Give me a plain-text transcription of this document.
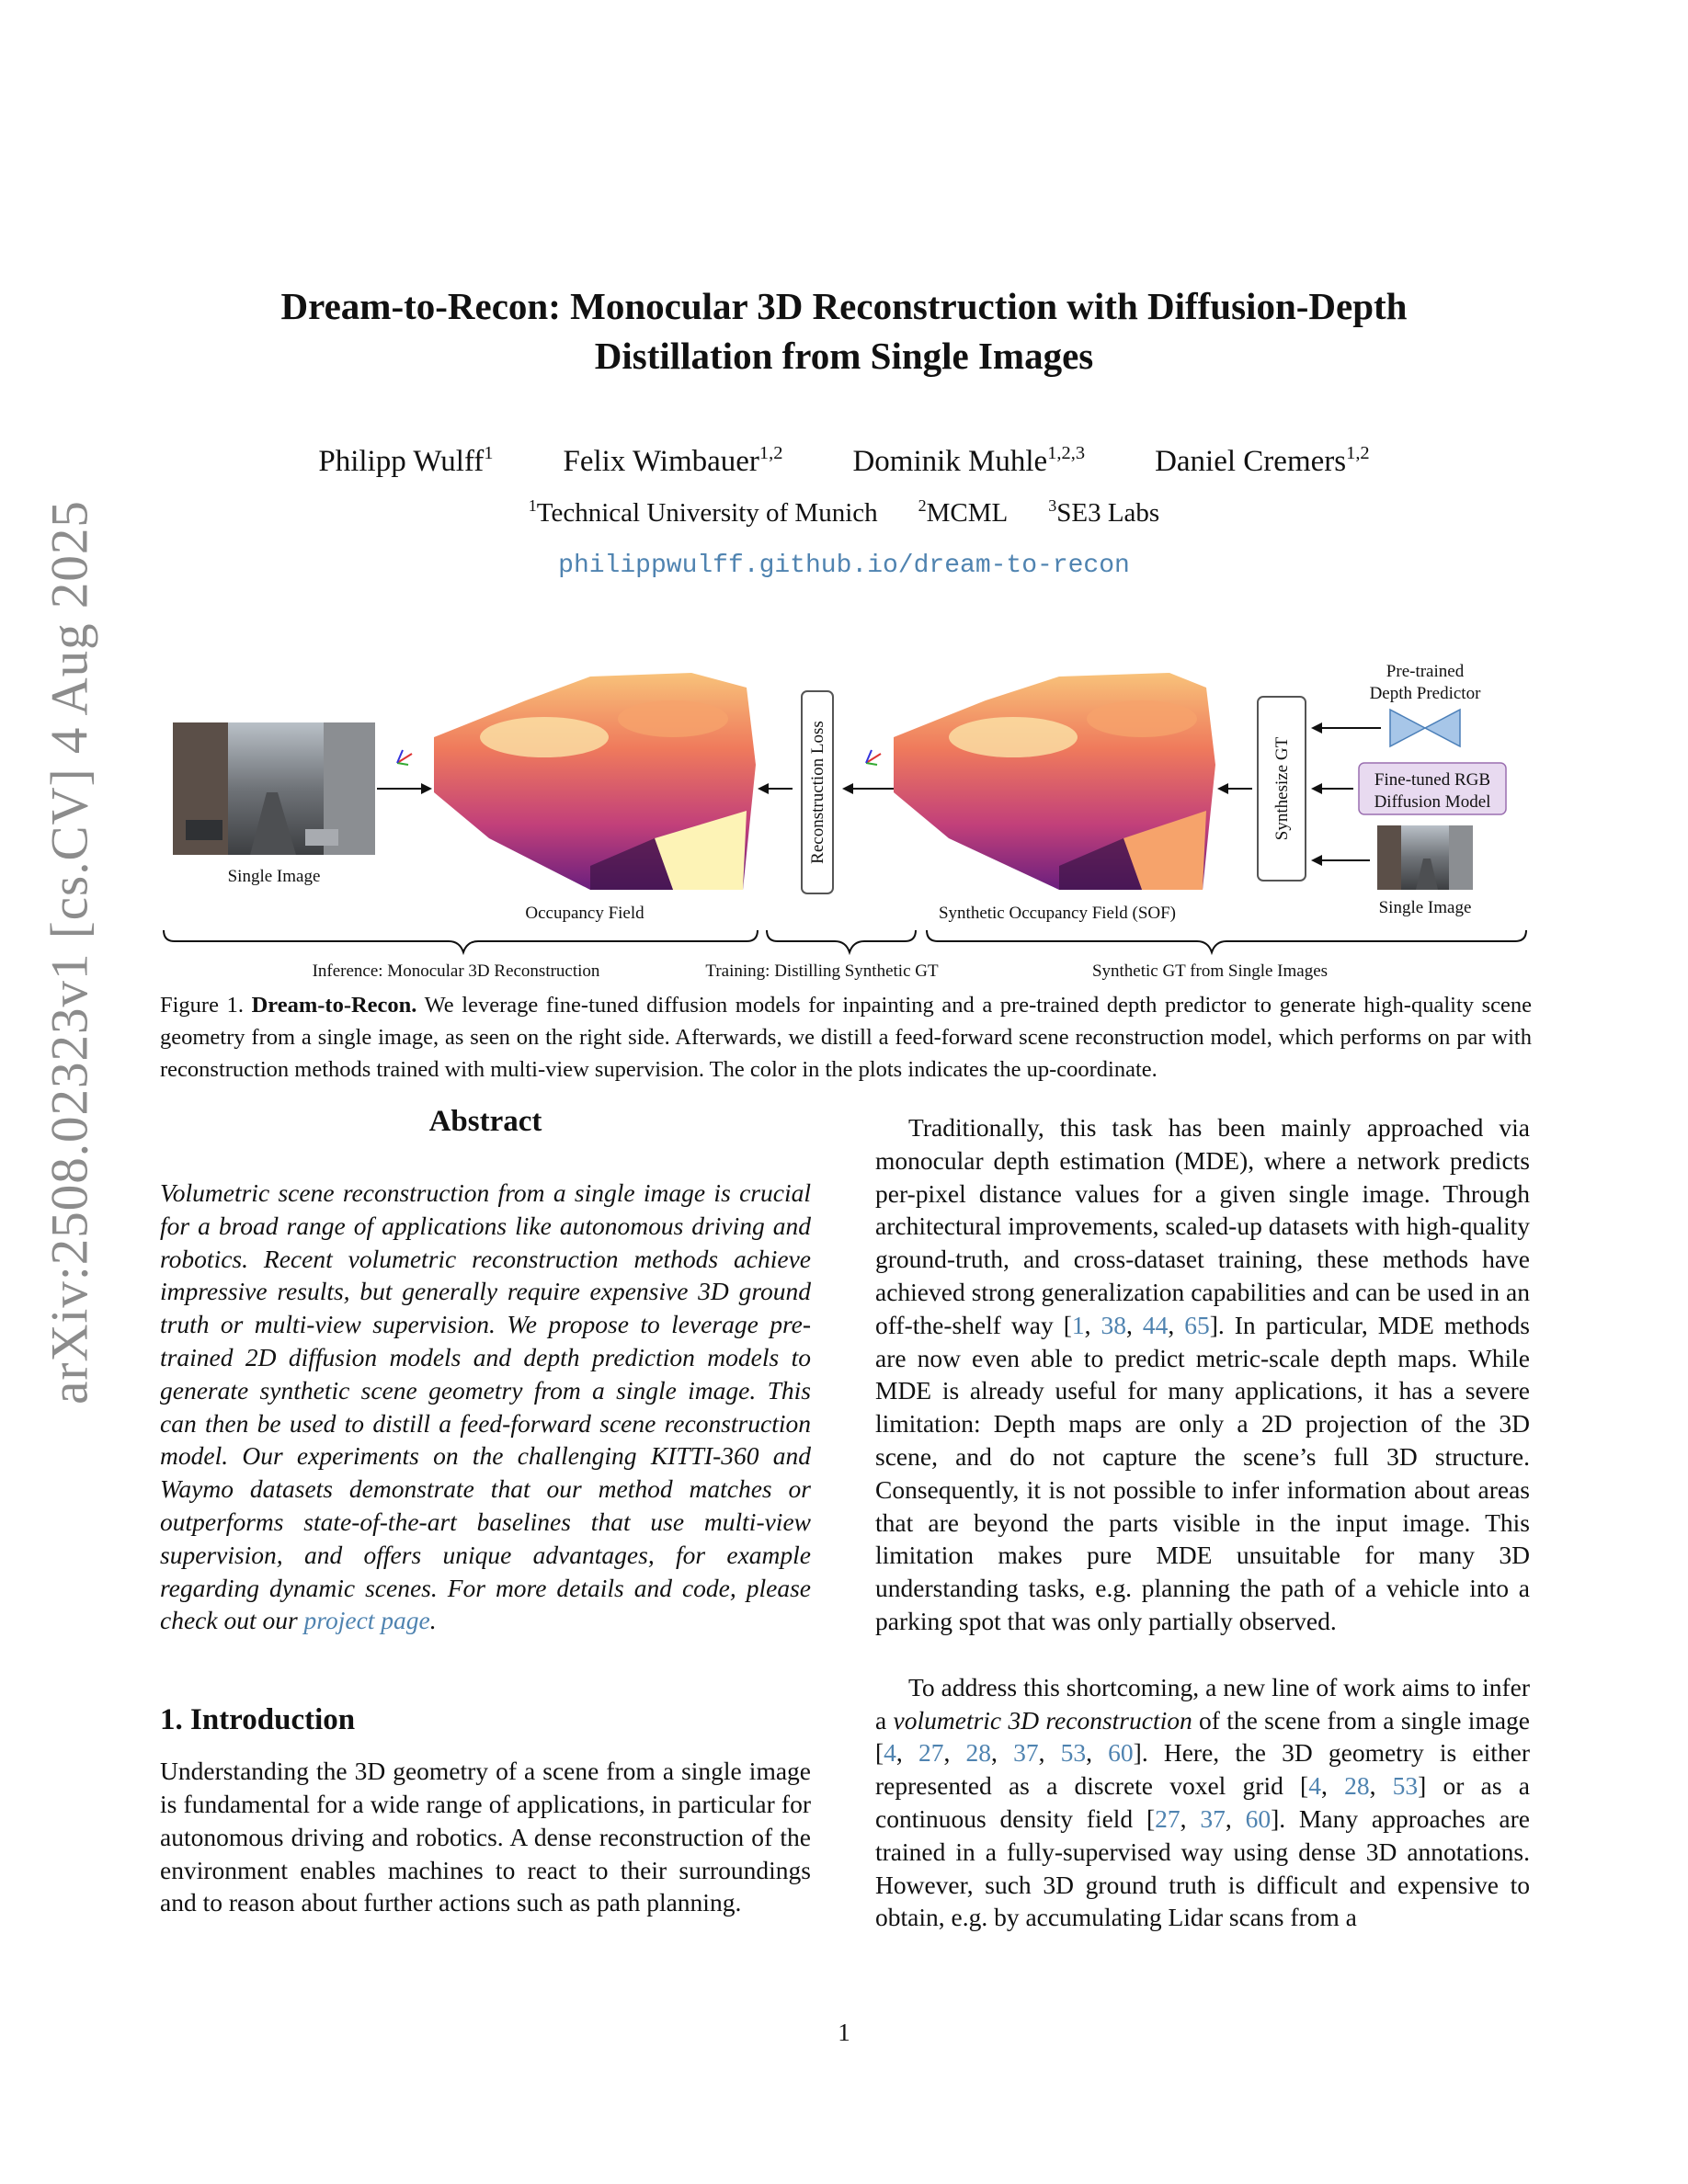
arXiv:2508.02323v1 [cs.CV] 4 Aug 2025
Dream-to-Recon: Monocular 3D Reconstruction with Diffusion-Depth
Distillation from Single Images
Philipp Wulff$^1$ Felix Wimbauer$^{1,2}$ Dominik Muhle$^{1,2,3}$ Daniel Cremers$^{1,2}$
$^1$Technical University of Munich $^2$MCML $^3$SE3 Labs
philippwulff.github.io/dream-to-recon
Single Image
Occupancy Field
Reconstruction Loss
Synthetic Occupancy Field (SOF)
Synthesize GT
Pre-trained
Depth Predictor
Fine-tuned RGB
Diffusion Model
Single Image
Inference: Monocular 3D Reconstruction	Training: Distilling Synthetic GT	Synthetic GT from Single Images
Figure 1. Dream-to-Recon. We leverage fine-tuned diffusion models for inpainting and a pre-trained depth predictor to generate high-quality scene geometry from a single image, as seen on the right side. Afterwards, we distill a feed-forward scene reconstruction model, which performs on par with reconstruction methods trained with multi-view supervision. The color in the plots indicates the up-coordinate.
Abstract

Volumetric scene reconstruction from a single image is crucial for a broad range of applications like autonomous driving and robotics. Recent volumetric reconstruction methods achieve impressive results, but generally require expensive 3D ground truth or multi-view supervision. We propose to leverage pre-trained 2D diffusion models and depth prediction models to generate synthetic scene geometry from a single image. This can then be used to distill a feed-forward scene reconstruction model. Our experiments on the challenging KITTI-360 and Waymo datasets demonstrate that our method matches or outperforms state-of-the-art baselines that use multi-view supervision, and offers unique advantages, for example regarding dynamic scenes. For more details and code, please check out our project page.

1. Introduction

Understanding the 3D geometry of a scene from a single image is fundamental for a wide range of applications, in particular for autonomous driving and robotics. A dense reconstruction of the environment enables machines to react to their surroundings and to reason about further actions such as path planning.

Traditionally, this task has been mainly approached via monocular depth estimation (MDE), where a network predicts per-pixel distance values for a given single image. Through architectural improvements, scaled-up datasets with high-quality ground-truth, and cross-dataset training, these methods have achieved strong generalization capabilities and can be used in an off-the-shelf way [1, 38, 44, 65]. In particular, MDE methods are now even able to predict metric-scale depth maps. While MDE is already useful for many applications, it has a severe limitation: Depth maps are only a 2D projection of the 3D scene, and do not capture the scene’s full 3D structure. Consequently, it is not possible to infer information about areas that are beyond the parts visible in the input image. This limitation makes pure MDE unsuitable for many 3D understanding tasks, e.g. planning the path of a vehicle into a parking spot that was only partially observed.

To address this shortcoming, a new line of work aims to infer a volumetric 3D reconstruction of the scene from a single image [4, 27, 28, 37, 53, 60]. Here, the 3D geometry is either represented as a discrete voxel grid [4, 28, 53] or as a continuous density field [27, 37, 60]. Many approaches are trained in a fully-supervised way using dense 3D annotations. However, such 3D ground truth is difficult and expensive to obtain, e.g. by accumulating Lidar scans from a

1
